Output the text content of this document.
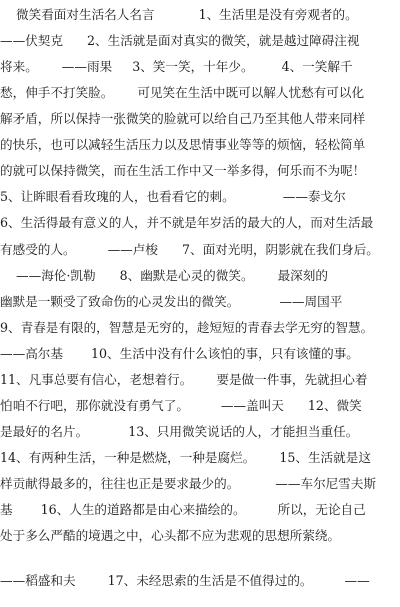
微笑看面对生活名人名言           1、生活里是没有旁观者的。
——伏契克      2、生活就是面对真实的微笑，就是越过障碍注视
将来。      ——雨果     3、笑一笑，十年少。       4、一笑解千
愁，伸手不打笑脸。      可见笑在生活中既可以解人忧愁有可以化
解矛盾，所以保持一张微笑的脸就可以给自己乃至其他人带来同样
的快乐，也可以减轻生活压力以及思情事业等等的烦恼，轻松简单
的就可以保持微笑，而在生活工作中又一举多得，何乐而不为呢！
5、让眸眼看看玫瑰的人，也看看它的刺。            ——泰戈尔
6、生活得最有意义的人，并不就是年岁活的最大的人，而对生活最
有感受的人。        ——卢梭      7、面对光明，阴影就在我们身后。
——海伦·凯勒      8、幽默是心灵的微笑。      最深刻的
幽默是一颗受了致命伤的心灵发出的微笑。          ——周国平
9、青春是有限的，智慧是无穷的，趁短短的青春去学无穷的智慧。
——高尔基       10、生活中没有什么该怕的事，只有该懂的事。
11、凡事总要有信心，老想着行。      要是做一件事，先就担心着
怕咱不行吧，那你就没有勇气了。        ——盖叫天      12、微笑
是最好的名片。          13、只用微笑说话的人，才能担当重任。
14、有两种生活，一种是燃烧，一种是腐烂。      15、生活就是这
样贡献得最多的，往往也正是要求最少的。         ——车尔尼雪夫斯
基       16、人生的道路都是由心来描绘的。        所以，无论自己
处于多么严酷的境遇之中，心头都不应为悲观的思想所萦绕。
——稻盛和夫        17、未经思索的生活是不值得过的。        ——
